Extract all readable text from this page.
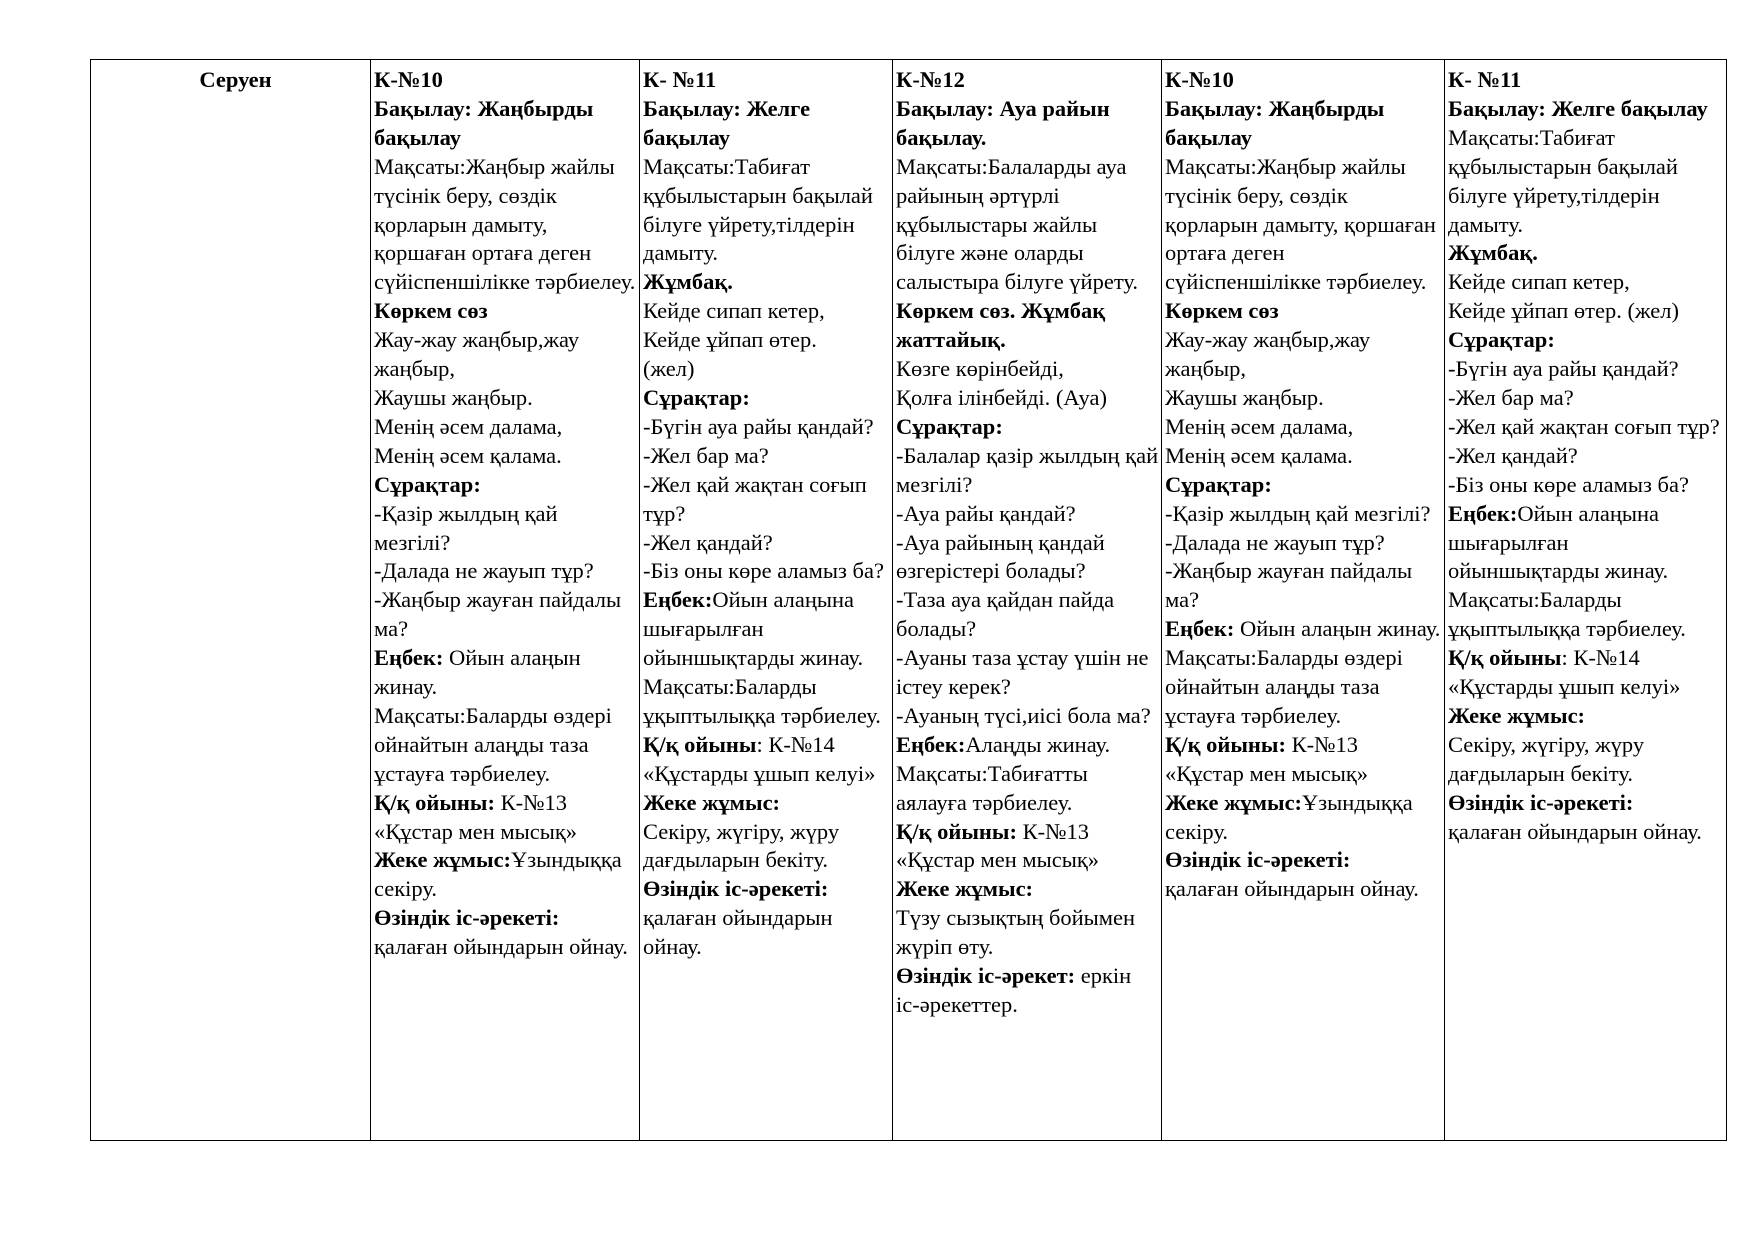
Серуен	К-№10
Бақылау: Жаңбырды бақылау
Мақсаты:Жаңбыр жайлы түсінік беру, сөздік қорларын дамыту, қоршаған ортаға деген сүйіспеншілікке тәрбиелеу.
Көркем сөз
Жау-жау жаңбыр,жау жаңбыр,
Жаушы жаңбыр.
Менің әсем далама,
Менің әсем қалама.
Сұрақтар:
-Қазір жылдың қай мезгілі?
-Далада не жауып тұр?
-Жаңбыр жауған пайдалы ма?
Еңбек: Ойын алаңын жинау.
Мақсаты:Баларды өздері ойнайтын алаңды таза ұстауға тәрбиелеу.
Қ/қ ойыны: К-№13
«Құстар мен мысық»
Жеке жұмыс:Ұзындыққа секіру.
Өзіндік іс-әрекеті:
қалаған ойындарын ойнау.

К- №11
Бақылау: Желге бақылау
Мақсаты:Табиғат құбылыстарын бақылай білуге үйрету,тілдерін дамыту.
Жұмбақ.
Кейде сипап кетер,
Кейде ұйпап өтер.
(жел)
Сұрақтар:
-Бүгін ауа райы қандай?
-Жел бар ма?
-Жел қай жақтан соғып тұр?
-Жел қандай?
-Біз оны көре аламыз ба?
Еңбек:Ойын алаңына шығарылған ойыншықтарды жинау.
Мақсаты:Баларды ұқыптылыққа тәрбиелеу.
Қ/қ ойыны: К-№14
«Құстарды ұшып келуі»
Жеке жұмыс:
Секіру, жүгіру, жүру дағдыларын бекіту.
Өзіндік іс-әрекеті:
қалаған ойындарын ойнау.

К-№12
Бақылау: Ауа райын бақылау.
Мақсаты:Балаларды ауа райының әртүрлі құбылыстары жайлы білуге және оларды салыстыра білуге үйрету.
Көркем сөз. Жұмбақ жаттайық.
Көзге көрінбейді,
Қолға ілінбейді. (Ауа)
Сұрақтар:
-Балалар қазір жылдың қай мезгілі?
-Ауа райы қандай?
-Ауа райының қандай өзгерістері болады?
-Таза ауа қайдан пайда болады?
-Ауаны таза ұстау үшін не істеу керек?
-Ауаның түсі,иісі бола ма?
Еңбек:Алаңды жинау.
Мақсаты:Табиғатты аялауға тәрбиелеу.
Қ/қ ойыны: К-№13
«Құстар мен мысық»
Жеке жұмыс:
Түзу сызықтың бойымен жүріп өту.
Өзіндік іс-әрекет: еркін іс-әрекеттер.

К-№10
Бақылау: Жаңбырды бақылау
Мақсаты:Жаңбыр жайлы түсінік беру, сөздік қорларын дамыту, қоршаған ортаға деген сүйіспеншілікке тәрбиелеу.
Көркем сөз
Жау-жау жаңбыр,жау жаңбыр,
Жаушы жаңбыр.
Менің әсем далама,
Менің әсем қалама.
Сұрақтар:
-Қазір жылдың қай мезгілі?
-Далада не жауып тұр?
-Жаңбыр жауған пайдалы ма?
Еңбек: Ойын алаңын жинау.
Мақсаты:Баларды өздері ойнайтын алаңды таза ұстауға тәрбиелеу.
Қ/қ ойыны: К-№13
«Құстар мен мысық»
Жеке жұмыс:Ұзындыққа секіру.
Өзіндік іс-әрекеті:
қалаған ойындарын ойнау.

К- №11
Бақылау: Желге бақылау
Мақсаты:Табиғат құбылыстарын бақылай білуге үйрету,тілдерін дамыту.
Жұмбақ.
Кейде сипап кетер,
Кейде ұйпап өтер. (жел)
Сұрақтар:
-Бүгін ауа райы қандай?
-Жел бар ма?
-Жел қай жақтан соғып тұр?
-Жел қандай?
-Біз оны көре аламыз ба?
Еңбек:Ойын алаңына шығарылған ойыншықтарды жинау.
Мақсаты:Баларды ұқыптылыққа тәрбиелеу.
Қ/қ ойыны: К-№14
«Құстарды ұшып келуі»
Жеке жұмыс:
Секіру, жүгіру, жүру дағдыларын бекіту.
Өзіндік іс-әрекеті:
қалаған ойындарын ойнау.
